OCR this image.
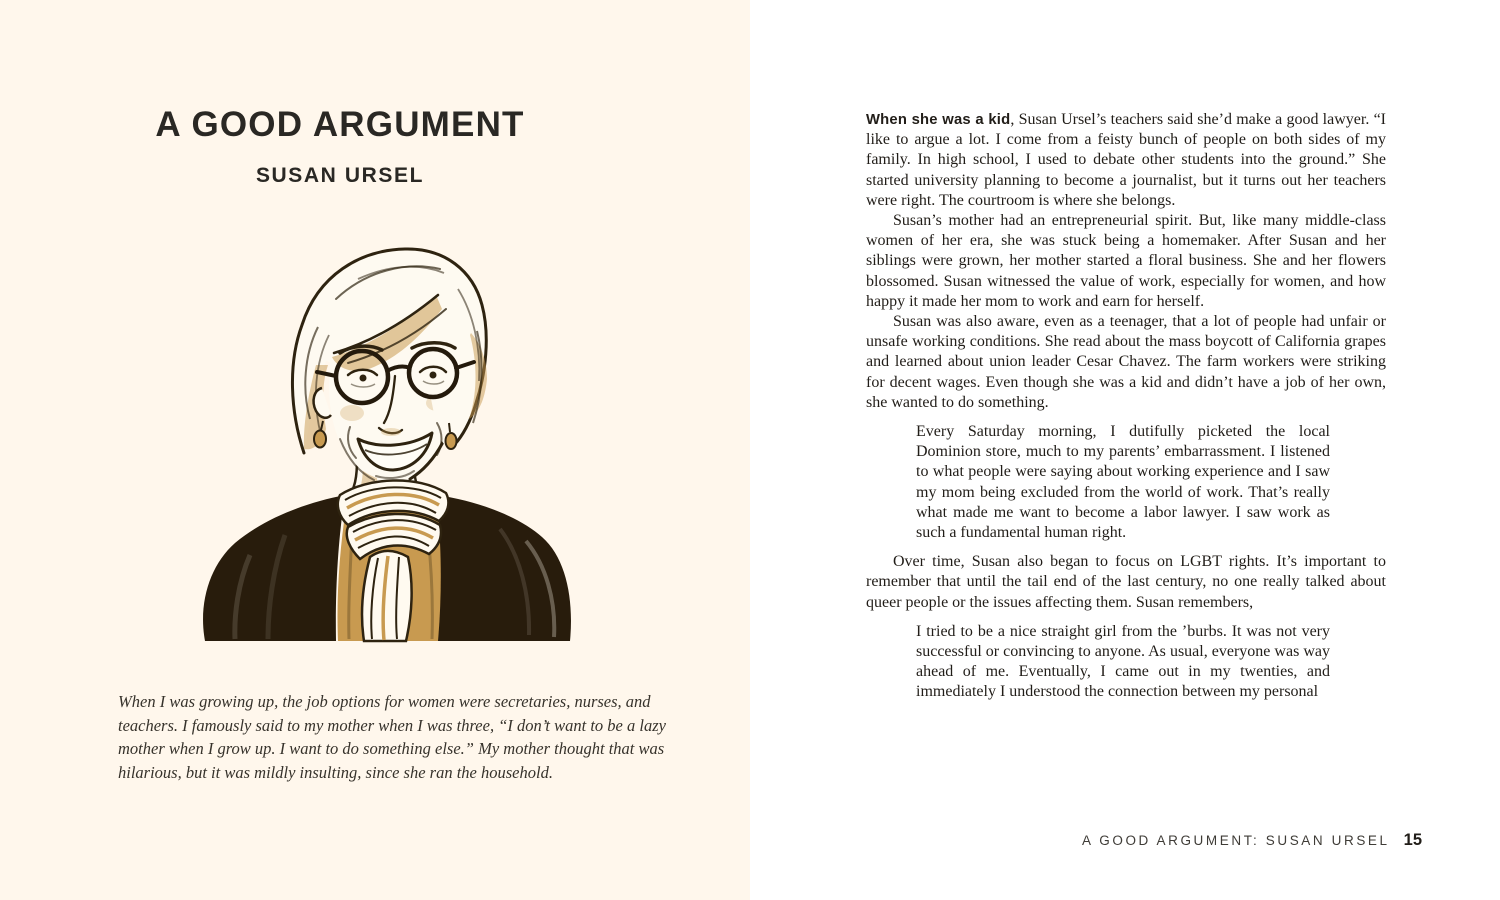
A GOOD ARGUMENT
SUSAN URSEL

When I was growing up, the job options for women were secretaries, nurses, and teachers. I famously said to my mother when I was three, “I don’t want to be a lazy mother when I grow up. I want to do something else.” My mother thought that was hilarious, but it was mildly insulting, since she ran the household.

When she was a kid, Susan Ursel’s teachers said she’d make a good lawyer. “I like to argue a lot. I come from a feisty bunch of people on both sides of my family. In high school, I used to debate other students into the ground.” She started university planning to become a journalist, but it turns out her teachers were right. The courtroom is where she belongs.

Susan’s mother had an entrepreneurial spirit. But, like many middle-class women of her era, she was stuck being a homemaker. After Susan and her siblings were grown, her mother started a floral business. She and her flowers blossomed. Susan witnessed the value of work, especially for women, and how happy it made her mom to work and earn for herself.

Susan was also aware, even as a teenager, that a lot of people had unfair or unsafe working conditions. She read about the mass boycott of California grapes and learned about union leader Cesar Chavez. The farm workers were striking for decent wages. Even though she was a kid and didn’t have a job of her own, she wanted to do something.

Every Saturday morning, I dutifully picketed the local Dominion store, much to my parents’ embarrassment. I listened to what people were saying about working experience and I saw my mom being excluded from the world of work. That’s really what made me want to become a labor lawyer. I saw work as such a fundamental human right.

Over time, Susan also began to focus on LGBT rights. It’s important to remember that until the tail end of the last century, no one really talked about queer people or the issues affecting them. Susan remembers,

I tried to be a nice straight girl from the ’burbs. It was not very successful or convincing to anyone. As usual, everyone was way ahead of me. Eventually, I came out in my twenties, and immediately I understood the connection between my personal
A GOOD ARGUMENT: SUSAN URSEL 15
